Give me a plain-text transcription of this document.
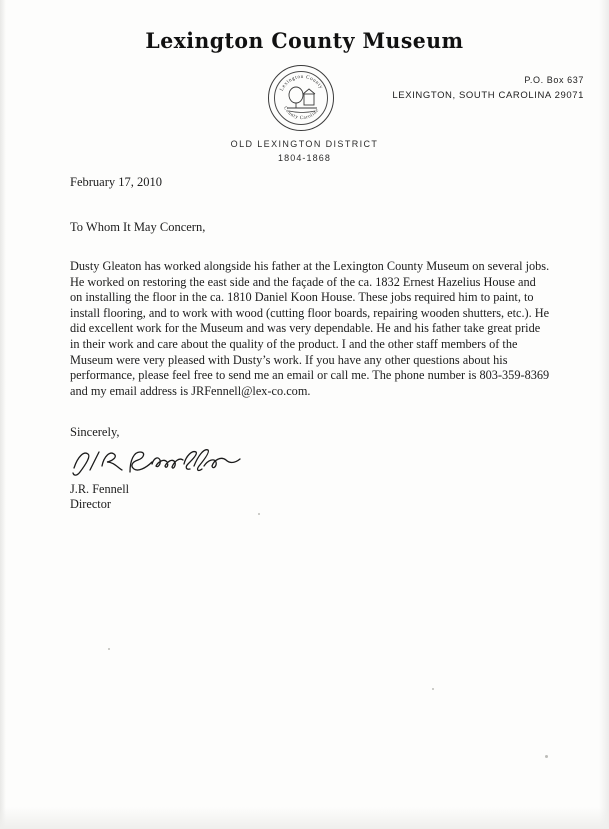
Lexington County Museum
Lexington County
County Caroline
P.O. Box 637
LEXINGTON, SOUTH CAROLINA 29071
OLD LEXINGTON DISTRICT
1804-1868
February 17, 2010
To Whom It May Concern,

Dusty Gleaton has worked alongside his father at the Lexington County Museum on several jobs. He worked on restoring the east side and the façade of the ca. 1832 Ernest Hazelius House and on installing the floor in the ca. 1810 Daniel Koon House. These jobs required him to paint, to install flooring, and to work with wood (cutting floor boards, repairing wooden shutters, etc.). He did excellent work for the Museum and was very dependable. He and his father take great pride in their work and care about the quality of the product. I and the other staff members of the Museum were very pleased with Dusty’s work. If you have any other questions about his performance, please feel free to send me an email or call me. The phone number is 803-359-8369 and my email address is JRFennell@lex-co.com.

Sincerely,
J.R. Fennell
Director
